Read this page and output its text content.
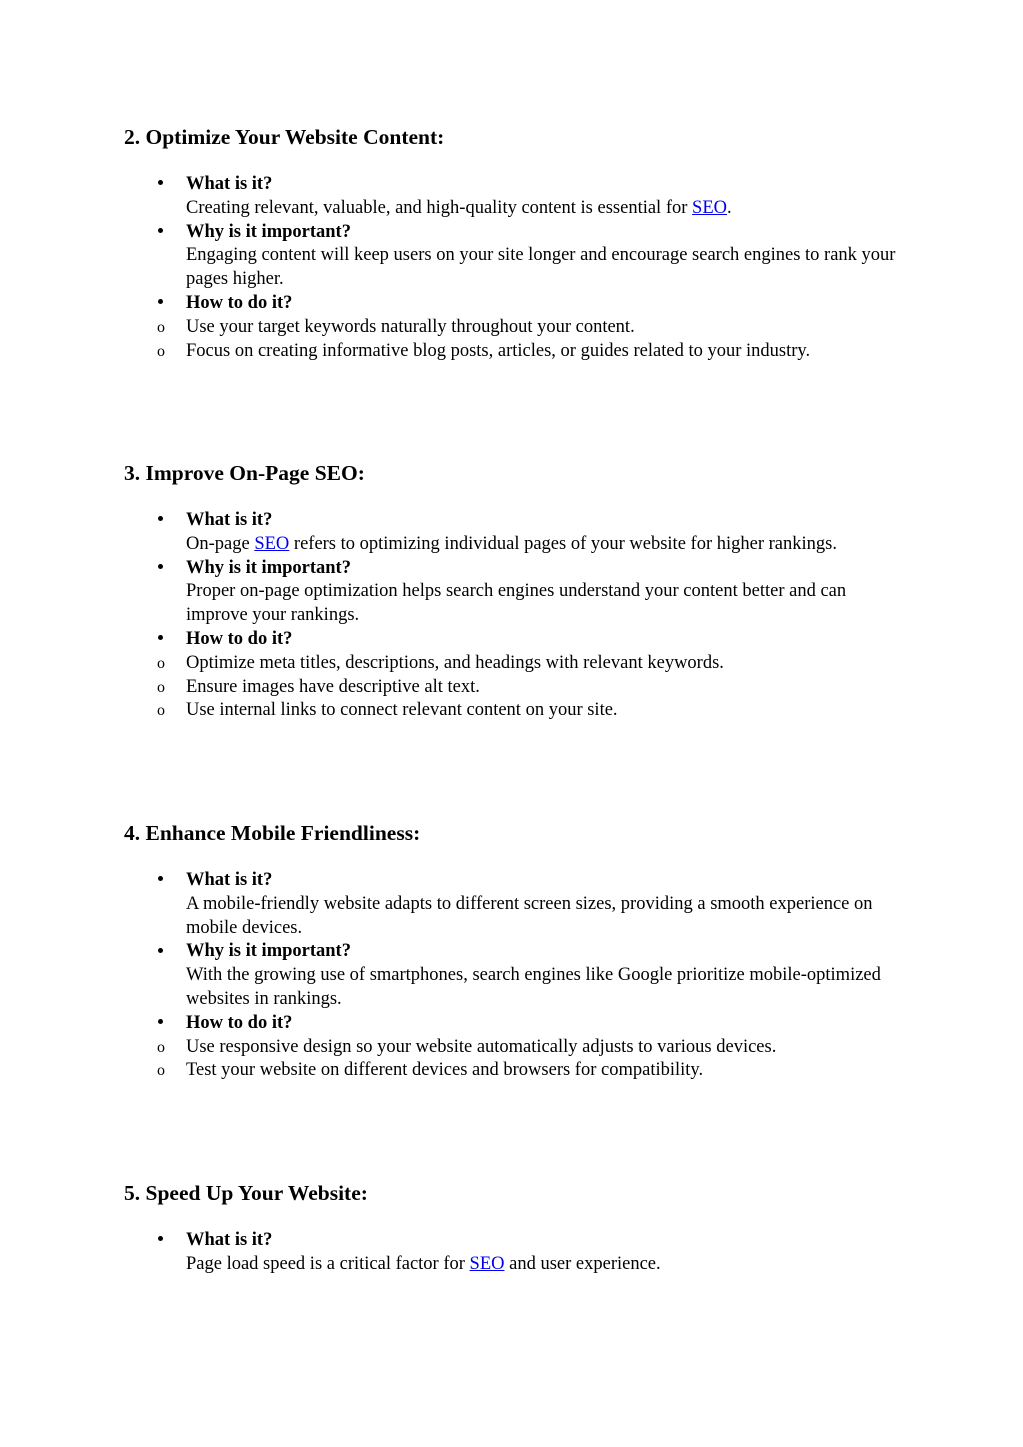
2. Optimize Your Website Content:
What is it?
Creating relevant, valuable, and high-quality content is essential for SEO.
Why is it important?
Engaging content will keep users on your site longer and encourage search engines to rank your pages higher.
How to do it?
o Use your target keywords naturally throughout your content.
o Focus on creating informative blog posts, articles, or guides related to your industry.
3. Improve On-Page SEO:
What is it?
On-page SEO refers to optimizing individual pages of your website for higher rankings.
Why is it important?
Proper on-page optimization helps search engines understand your content better and can improve your rankings.
How to do it?
o Optimize meta titles, descriptions, and headings with relevant keywords.
o Ensure images have descriptive alt text.
o Use internal links to connect relevant content on your site.
4. Enhance Mobile Friendliness:
What is it?
A mobile-friendly website adapts to different screen sizes, providing a smooth experience on mobile devices.
Why is it important?
With the growing use of smartphones, search engines like Google prioritize mobile-optimized websites in rankings.
How to do it?
o Use responsive design so your website automatically adjusts to various devices.
o Test your website on different devices and browsers for compatibility.
5. Speed Up Your Website:
What is it?
Page load speed is a critical factor for SEO and user experience.
